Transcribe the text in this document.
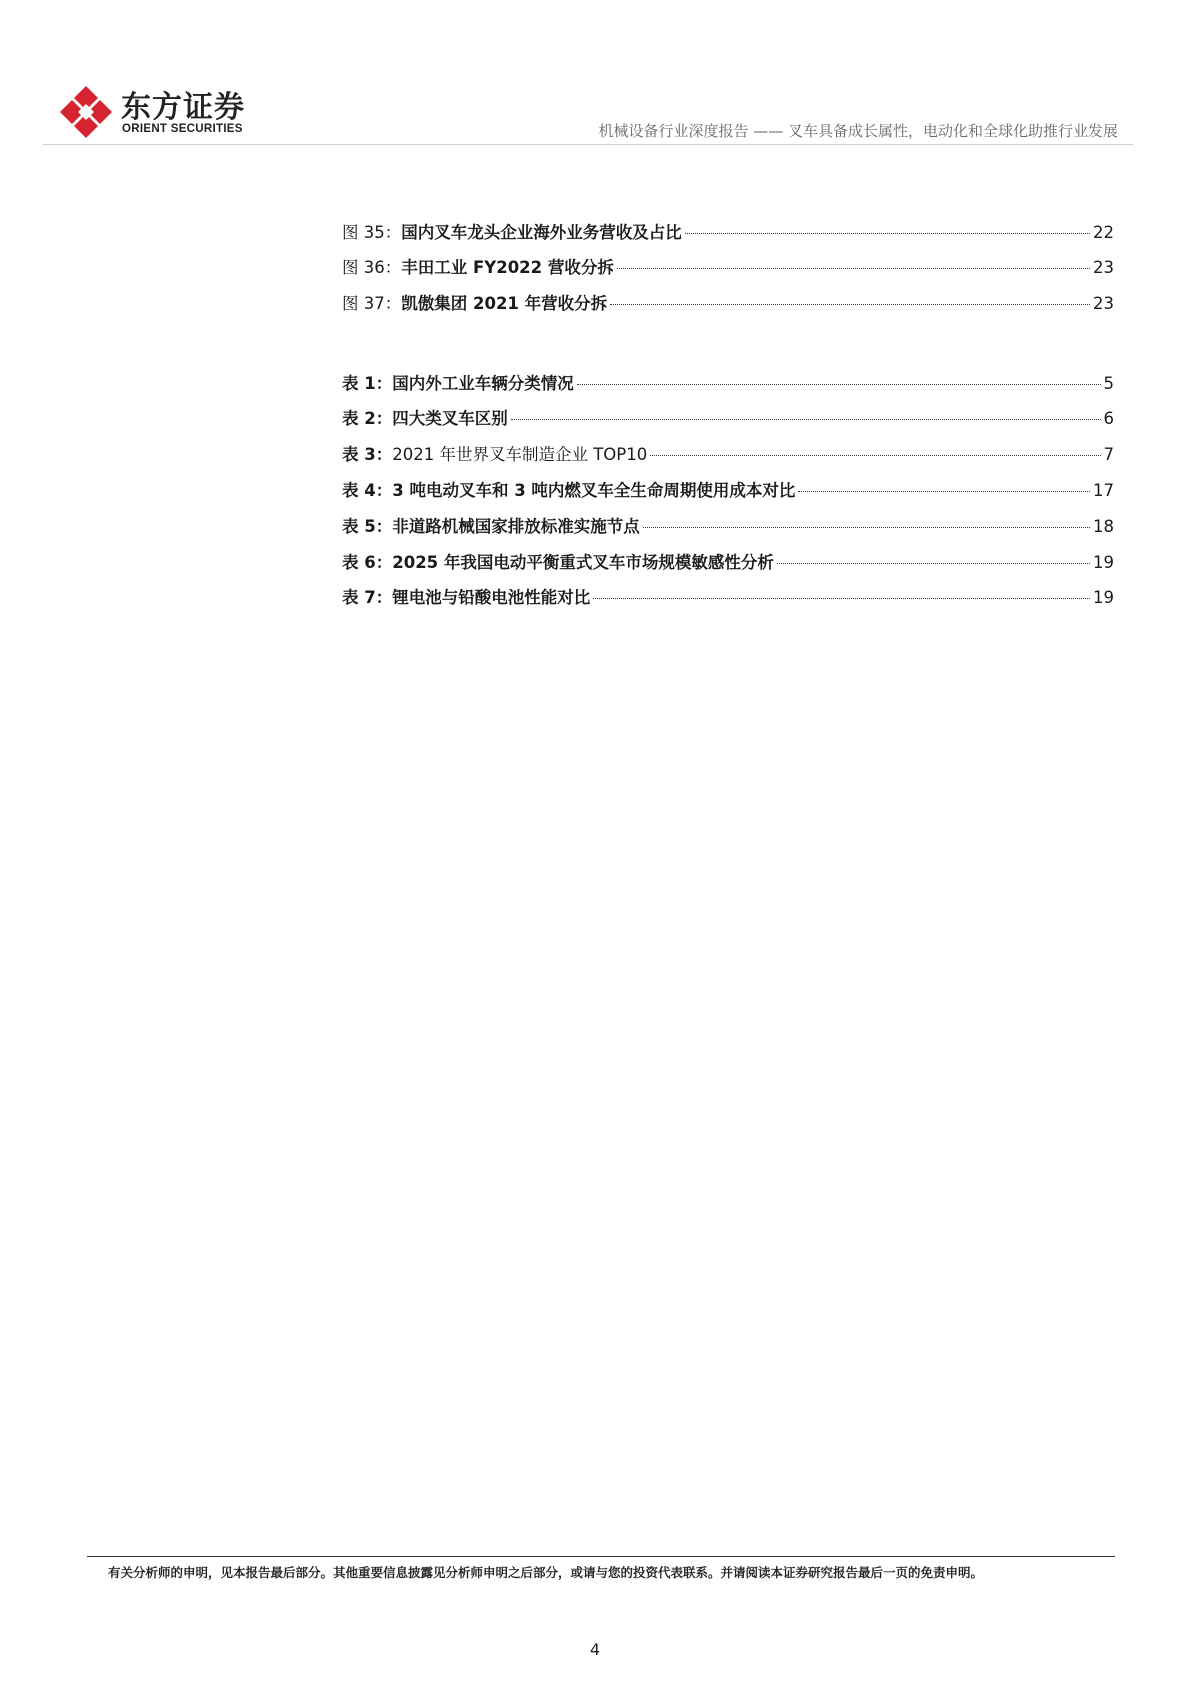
东方证券
ORIENT SECURITIES	机械设备行业深度报告 —— 叉车具备成长属性，电动化和全球化助推行业发展
图 35：国内叉车龙头企业海外业务营收及占比	22
图 36：丰田工业 FY2022 营收分拆	23
图 37：凯傲集团 2021 年营收分拆	23
表 1：国内外工业车辆分类情况	5
表 2：四大类叉车区别	6
表 3：2021 年世界叉车制造企业 TOP10	7
表 4：3 吨电动叉车和 3 吨内燃叉车全生命周期使用成本对比	17
表 5：非道路机械国家排放标准实施节点	18
表 6：2025 年我国电动平衡重式叉车市场规模敏感性分析	19
表 7：锂电池与铅酸电池性能对比	19
有关分析师的申明，见本报告最后部分。其他重要信息披露见分析师申明之后部分，或请与您的投资代表联系。并请阅读本证券研究报告最后一页的免责申明。
4
